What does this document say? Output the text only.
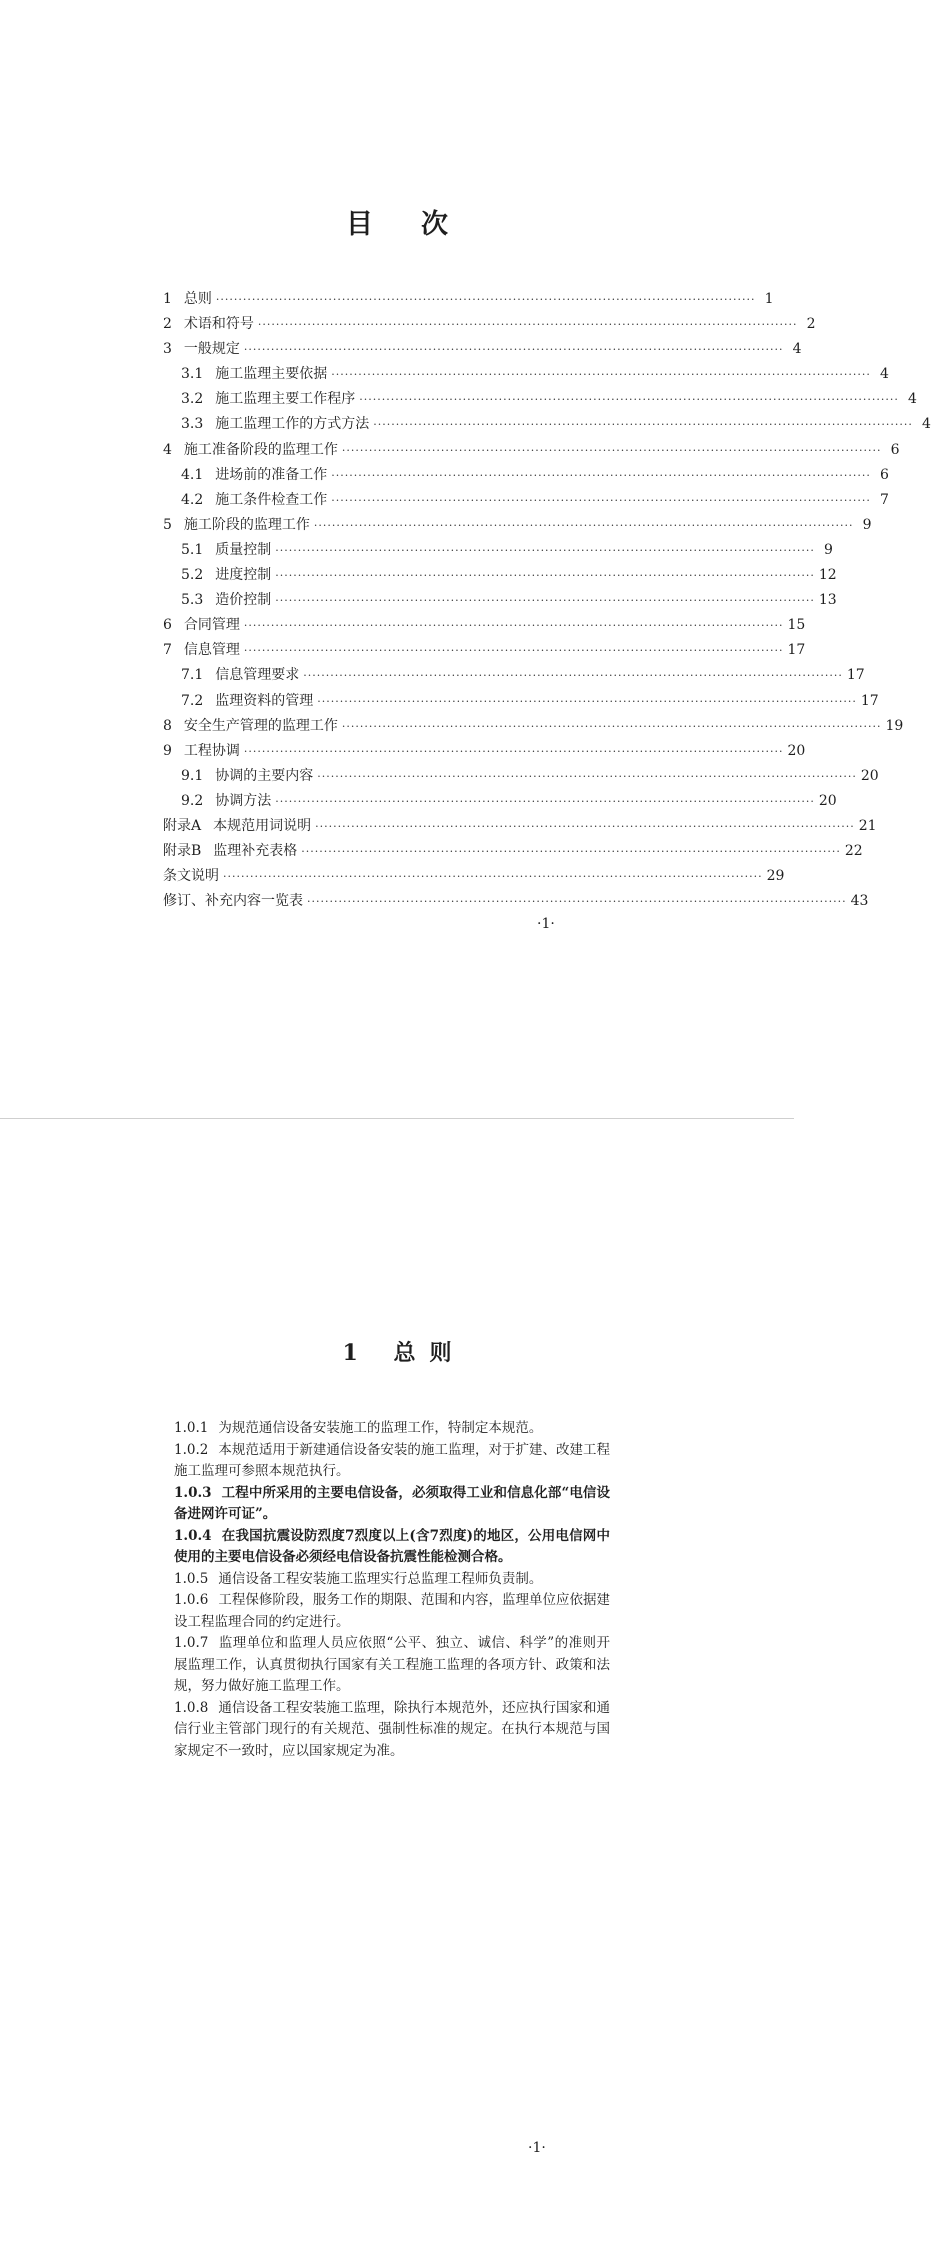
目次
1 总则 ························································································································ 1
2 术语和符号 ························································································································ 2
3 一般规定 ························································································································ 4
3.1 施工监理主要依据 ························································································································ 4
3.2 施工监理主要工作程序 ························································································································ 4
3.3 施工监理工作的方式方法 ························································································································ 4
4 施工准备阶段的监理工作 ························································································································ 6
4.1 进场前的准备工作 ························································································································ 6
4.2 施工条件检查工作 ························································································································ 7
5 施工阶段的监理工作 ························································································································ 9
5.1 质量控制 ························································································································ 9
5.2 进度控制 ························································································································ 12
5.3 造价控制 ························································································································ 13
6 合同管理 ························································································································ 15
7 信息管理 ························································································································ 17
7.1 信息管理要求 ························································································································ 17
7.2 监理资料的管理 ························································································································ 17
8 安全生产管理的监理工作 ························································································································ 19
9 工程协调 ························································································································ 20
9.1 协调的主要内容 ························································································································ 20
9.2 协调方法 ························································································································ 20
附录A 本规范用词说明 ························································································································ 21
附录B 监理补充表格 ························································································································ 22
条文说明 ························································································································ 29
修订、补充内容一览表 ························································································································ 43
·1·
1 总则

1.0.1 为规范通信设备安装施工的监理工作，特制定本规范。

1.0.2 本规范适用于新建通信设备安装的施工监理，对于扩建、改建工程施工监理可参照本规范执行。

1.0.3 工程中所采用的主要电信设备，必须取得工业和信息化部“电信设备进网许可证”。

1.0.4 在我国抗震设防烈度7烈度以上(含7烈度)的地区，公用电信网中使用的主要电信设备必须经电信设备抗震性能检测合格。

1.0.5 通信设备工程安装施工监理实行总监理工程师负责制。

1.0.6 工程保修阶段，服务工作的期限、范围和内容，监理单位应依据建设工程监理合同的约定进行。

1.0.7 监理单位和监理人员应依照“公平、独立、诚信、科学”的准则开展监理工作，认真贯彻执行国家有关工程施工监理的各项方针、政策和法规，努力做好施工监理工作。

1.0.8 通信设备工程安装施工监理，除执行本规范外，还应执行国家和通信行业主管部门现行的有关规范、强制性标准的规定。在执行本规范与国家规定不一致时，应以国家规定为准。

·1·
